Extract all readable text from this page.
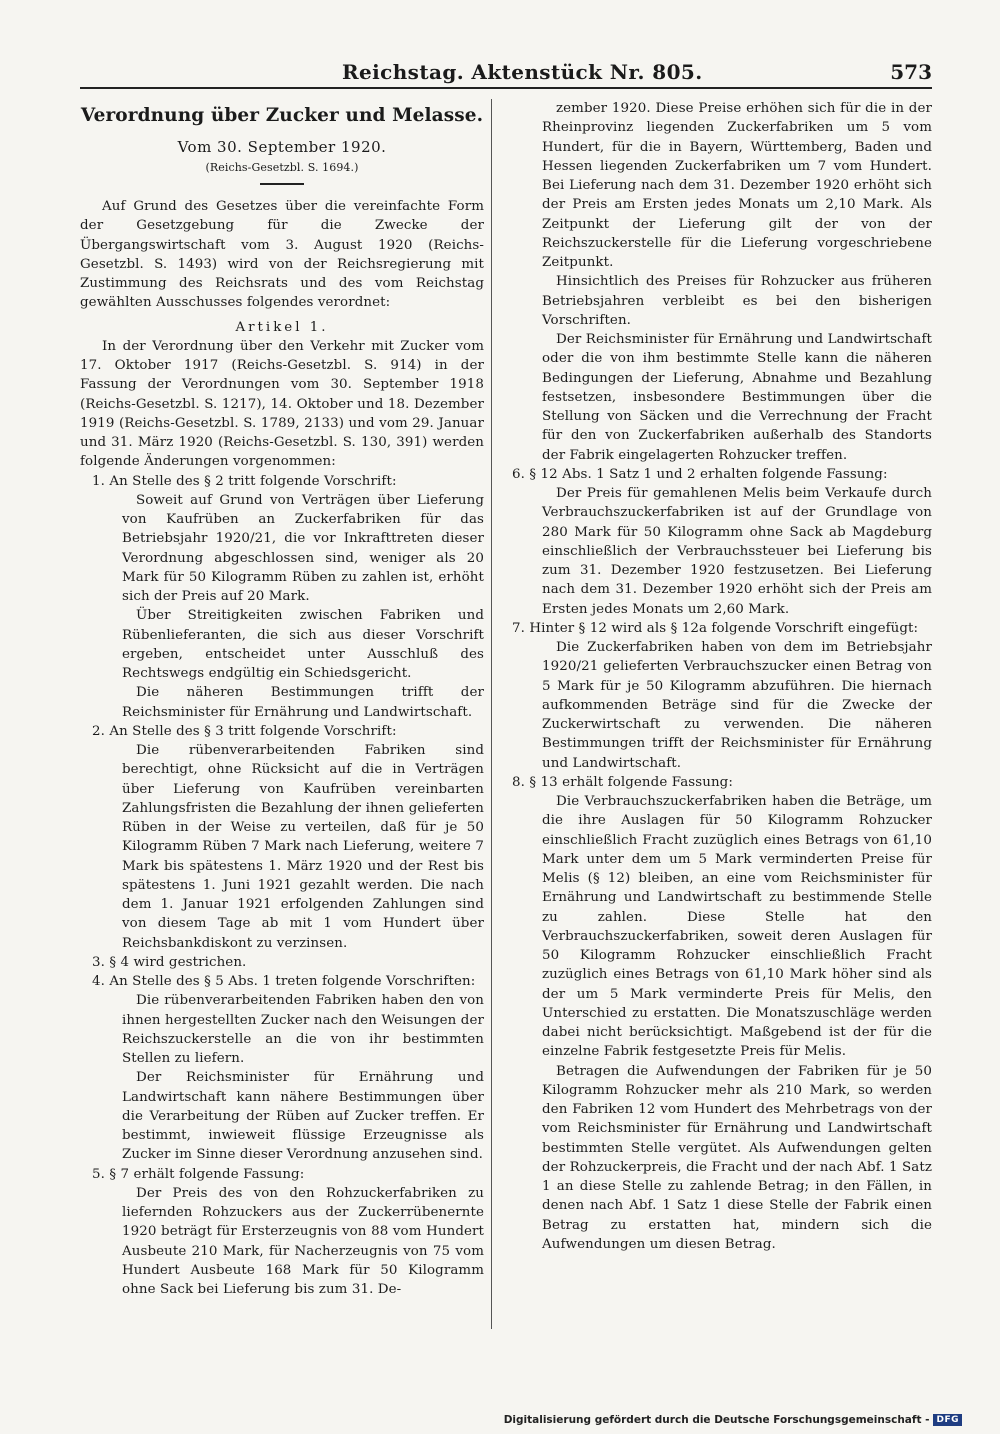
Reichstag. Aktenstück Nr. 805.	573
Verordnung über Zucker und Melasse.
Vom 30. September 1920.
(Reichs-Gesetzbl. S. 1694.)

Auf Grund des Gesetzes über die vereinfachte Form der Gesetzgebung für die Zwecke der Übergangswirtschaft vom 3. August 1920 (Reichs-Gesetzbl. S. 1493) wird von der Reichsregierung mit Zustimmung des Reichsrats und des vom Reichstag gewählten Ausschusses folgendes verordnet:

Artikel 1.

In der Verordnung über den Verkehr mit Zucker vom 17. Oktober 1917 (Reichs-Gesetzbl. S. 914) in der Fassung der Verordnungen vom 30. September 1918 (Reichs-Gesetzbl. S. 1217), 14. Oktober und 18. Dezember 1919 (Reichs-Gesetzbl. S. 1789, 2133) und vom 29. Januar und 31. März 1920 (Reichs-Gesetzbl. S. 130, 391) werden folgende Änderungen vorgenommen:

1. An Stelle des § 2 tritt folgende Vorschrift:

Soweit auf Grund von Verträgen über Lieferung von Kaufrüben an Zuckerfabriken für das Betriebsjahr 1920/21, die vor Inkrafttreten dieser Verordnung abgeschlossen sind, weniger als 20 Mark für 50 Kilogramm Rüben zu zahlen ist, erhöht sich der Preis auf 20 Mark.

Über Streitigkeiten zwischen Fabriken und Rübenlieferanten, die sich aus dieser Vorschrift ergeben, entscheidet unter Ausschluß des Rechtswegs endgültig ein Schiedsgericht.

Die näheren Bestimmungen trifft der Reichsminister für Ernährung und Landwirtschaft.

2. An Stelle des § 3 tritt folgende Vorschrift:

Die rübenverarbeitenden Fabriken sind berechtigt, ohne Rücksicht auf die in Verträgen über Lieferung von Kaufrüben vereinbarten Zahlungsfristen die Bezahlung der ihnen gelieferten Rüben in der Weise zu verteilen, daß für je 50 Kilogramm Rüben 7 Mark nach Lieferung, weitere 7 Mark bis spätestens 1. März 1920 und der Rest bis spätestens 1. Juni 1921 gezahlt werden. Die nach dem 1. Januar 1921 erfolgenden Zahlungen sind von diesem Tage ab mit 1 vom Hundert über Reichsbankdiskont zu verzinsen.

3. § 4 wird gestrichen.

4. An Stelle des § 5 Abs. 1 treten folgende Vorschriften:

Die rübenverarbeitenden Fabriken haben den von ihnen hergestellten Zucker nach den Weisungen der Reichszuckerstelle an die von ihr bestimmten Stellen zu liefern.

Der Reichsminister für Ernährung und Landwirtschaft kann nähere Bestimmungen über die Verarbeitung der Rüben auf Zucker treffen. Er bestimmt, inwieweit flüssige Erzeugnisse als Zucker im Sinne dieser Verordnung anzusehen sind.

5. § 7 erhält folgende Fassung:

Der Preis des von den Rohzuckerfabriken zu liefernden Rohzuckers aus der Zuckerrübenernte 1920 beträgt für Ersterzeugnis von 88 vom Hundert Ausbeute 210 Mark, für Nacherzeugnis von 75 vom Hundert Ausbeute 168 Mark für 50 Kilogramm ohne Sack bei Lieferung bis zum 31. De-

zember 1920. Diese Preise erhöhen sich für die in der Rheinprovinz liegenden Zuckerfabriken um 5 vom Hundert, für die in Bayern, Württemberg, Baden und Hessen liegenden Zuckerfabriken um 7 vom Hundert. Bei Lieferung nach dem 31. Dezember 1920 erhöht sich der Preis am Ersten jedes Monats um 2,10 Mark. Als Zeitpunkt der Lieferung gilt der von der Reichszuckerstelle für die Lieferung vorgeschriebene Zeitpunkt.

Hinsichtlich des Preises für Rohzucker aus früheren Betriebsjahren verbleibt es bei den bisherigen Vorschriften.

Der Reichsminister für Ernährung und Landwirtschaft oder die von ihm bestimmte Stelle kann die näheren Bedingungen der Lieferung, Abnahme und Bezahlung festsetzen, insbesondere Bestimmungen über die Stellung von Säcken und die Verrechnung der Fracht für den von Zuckerfabriken außerhalb des Standorts der Fabrik eingelagerten Rohzucker treffen.

6. § 12 Abs. 1 Satz 1 und 2 erhalten folgende Fassung:

Der Preis für gemahlenen Melis beim Verkaufe durch Verbrauchszuckerfabriken ist auf der Grundlage von 280 Mark für 50 Kilogramm ohne Sack ab Magdeburg einschließlich der Verbrauchssteuer bei Lieferung bis zum 31. Dezember 1920 festzusetzen. Bei Lieferung nach dem 31. Dezember 1920 erhöht sich der Preis am Ersten jedes Monats um 2,60 Mark.

7. Hinter § 12 wird als § 12a folgende Vorschrift eingefügt:

Die Zuckerfabriken haben von dem im Betriebsjahr 1920/21 gelieferten Verbrauchszucker einen Betrag von 5 Mark für je 50 Kilogramm abzuführen. Die hiernach aufkommenden Beträge sind für die Zwecke der Zuckerwirtschaft zu verwenden. Die näheren Bestimmungen trifft der Reichsminister für Ernährung und Landwirtschaft.

8. § 13 erhält folgende Fassung:

Die Verbrauchszuckerfabriken haben die Beträge, um die ihre Auslagen für 50 Kilogramm Rohzucker einschließlich Fracht zuzüglich eines Betrags von 61,10 Mark unter dem um 5 Mark verminderten Preise für Melis (§ 12) bleiben, an eine vom Reichsminister für Ernährung und Landwirtschaft zu bestimmende Stelle zu zahlen. Diese Stelle hat den Verbrauchszuckerfabriken, soweit deren Auslagen für 50 Kilogramm Rohzucker einschließlich Fracht zuzüglich eines Betrags von 61,10 Mark höher sind als der um 5 Mark verminderte Preis für Melis, den Unterschied zu erstatten. Die Monatszuschläge werden dabei nicht berücksichtigt. Maßgebend ist der für die einzelne Fabrik festgesetzte Preis für Melis.

Betragen die Aufwendungen der Fabriken für je 50 Kilogramm Rohzucker mehr als 210 Mark, so werden den Fabriken 12 vom Hundert des Mehrbetrags von der vom Reichsminister für Ernährung und Landwirtschaft bestimmten Stelle vergütet. Als Aufwendungen gelten der Rohzuckerpreis, die Fracht und der nach Abf. 1 Satz 1 an diese Stelle zu zahlende Betrag; in den Fällen, in denen nach Abf. 1 Satz 1 diese Stelle der Fabrik einen Betrag zu erstatten hat, mindern sich die Aufwendungen um diesen Betrag.

Digitalisierung gefördert durch die Deutsche Forschungsgemeinschaft - DFG
